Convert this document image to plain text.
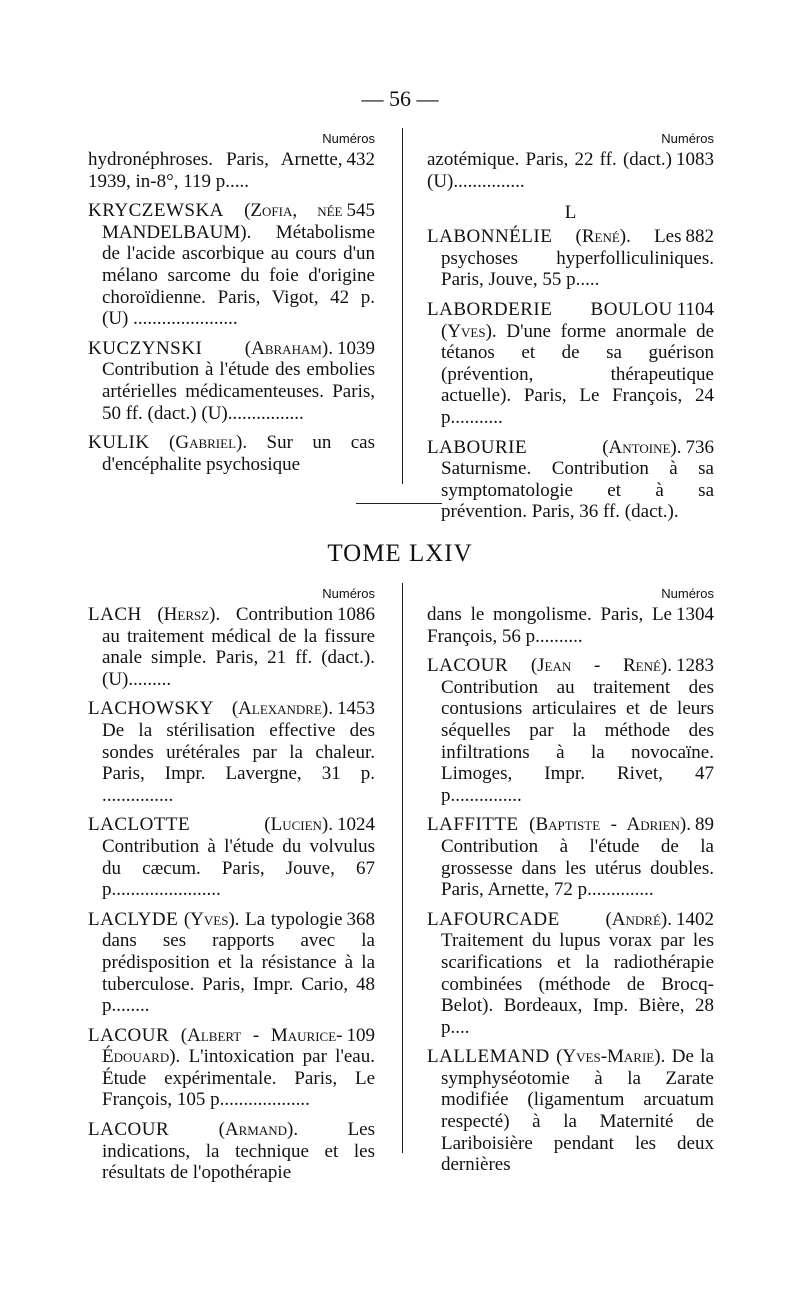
— 56 —
Numéros

432
hydronéphroses. Paris, Arnette, 1939, in-8°, 119 p.....

545
KRYCZEWSKA (Zofia, née MANDELBAUM). Métabolisme de l'acide ascorbique au cours d'un mélano sarcome du foie d'origine choroïdienne. Paris, Vigot, 42 p. (U) ......................

1039
KUCZYNSKI (Abraham). Contribution à l'étude des embolies artérielles médicamenteuses. Paris, 50 ff. (dact.) (U)................

KULIK (Gabriel). Sur un cas d'encéphalite psychosique

Numéros

1083
azotémique. Paris, 22 ff. (dact.) (U)...............

L

882
LABONNÉLIE (René). Les psychoses hyperfolliculiniques. Paris, Jouve, 55 p.....

1104
LABORDERIE BOULOU (Yves). D'une forme anormale de tétanos et de sa guérison (prévention, thérapeutique actuelle). Paris, Le François, 24 p...........

736
LABOURIE	(Antoine). Saturnisme. Contribution à sa symptomatologie et à sa prévention. Paris, 36 ff. (dact.).

TOME LXIV
Numéros

1086
LACH (Hersz). Contribution au traitement médical de la fissure anale simple. Paris, 21 ff. (dact.). (U).........

1453
LACHOWSKY (Alexandre). De la stérilisation effective des sondes urétérales par la chaleur. Paris, Impr. Lavergne, 31 p. ...............

1024
LACLOTTE	(Lucien). Contribution à l'étude du volvulus du cæcum. Paris, Jouve, 67 p.......................

368
LACLYDE (Yves). La typologie dans ses rapports avec la prédisposition et la résistance à la tuberculose. Paris, Impr. Cario, 48 p........

109
LACOUR (Albert - Maurice-Édouard). L'intoxication par l'eau. Étude expérimentale. Paris, Le François, 105 p...................

LACOUR	(Armand). Les indications, la technique et les résultats de l'opothérapie

Numéros

1304
dans le mongolisme. Paris, Le François, 56 p..........

1283
LACOUR (Jean - René). Contribution au traitement des contusions articulaires et de leurs séquelles par la méthode des infiltrations à la novocaïne. Limoges, Impr. Rivet, 47 p...............

89
LAFFITTE (Baptiste - Adrien). Contribution à l'étude de la grossesse dans les utérus doubles. Paris, Arnette, 72 p..............

1402
LAFOURCADE (André). Traitement du lupus vorax par les scarifications et la radiothérapie combinées (méthode de Brocq-Belot). Bordeaux, Imp. Bière, 28 p....

LALLEMAND (Yves-Marie). De la symphyséotomie à la Zarate modifiée (ligamentum arcuatum respecté) à la Maternité de Lariboisière pendant les deux dernières
